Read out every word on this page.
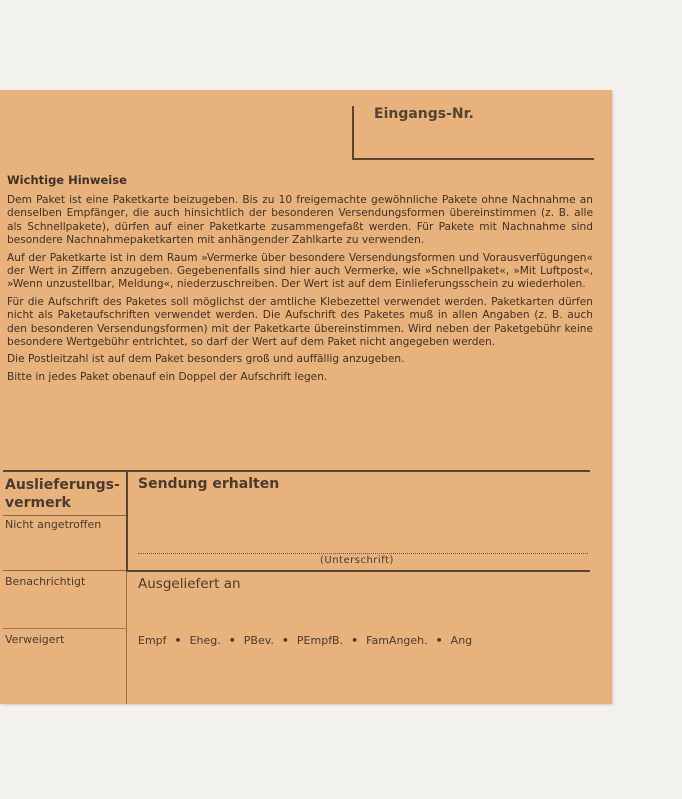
Eingangs-Nr.
Wichtige Hinweise

Dem Paket ist eine Paketkarte beizugeben. Bis zu 10 freigemachte gewöhnliche Pakete ohne Nachnahme an denselben Empfänger, die auch hinsichtlich der besonderen Versendungsformen übereinstimmen (z. B. alle als Schnellpakete), dürfen auf einer Paketkarte zusammengefaßt werden. Für Pakete mit Nachnahme sind besondere Nachnahmepaketkarten mit anhängender Zahlkarte zu verwenden.

Auf der Paketkarte ist in dem Raum »Vermerke über besondere Versendungsformen und Vorausverfügungen« der Wert in Ziffern anzugeben. Gegebenenfalls sind hier auch Vermerke, wie »Schnellpaket«, »Mit Luftpost«, »Wenn unzustellbar, Meldung«, niederzuschreiben. Der Wert ist auf dem Einlieferungsschein zu wiederholen.

Für die Aufschrift des Paketes soll möglichst der amtliche Klebezettel verwendet werden. Paketkarten dürfen nicht als Paketaufschriften verwendet werden. Die Aufschrift des Paketes muß in allen Angaben (z. B. auch den besonderen Versendungsformen) mit der Paketkarte übereinstimmen. Wird neben der Paketgebühr keine besondere Wertgebühr entrichtet, so darf der Wert auf dem Paket nicht angegeben werden.

Die Postleitzahl ist auf dem Paket besonders groß und auffällig anzugeben.

Bitte in jedes Paket obenauf ein Doppel der Aufschrift legen.

Auslieferungs-
vermerk
Nicht angetroffen
Benachrichtigt
Verweigert
Sendung erhalten
(Unterschrift)
Ausgeliefert an
Empf • Eheg. • PBev. • PEmpfB. • FamAngeh. • Ang
